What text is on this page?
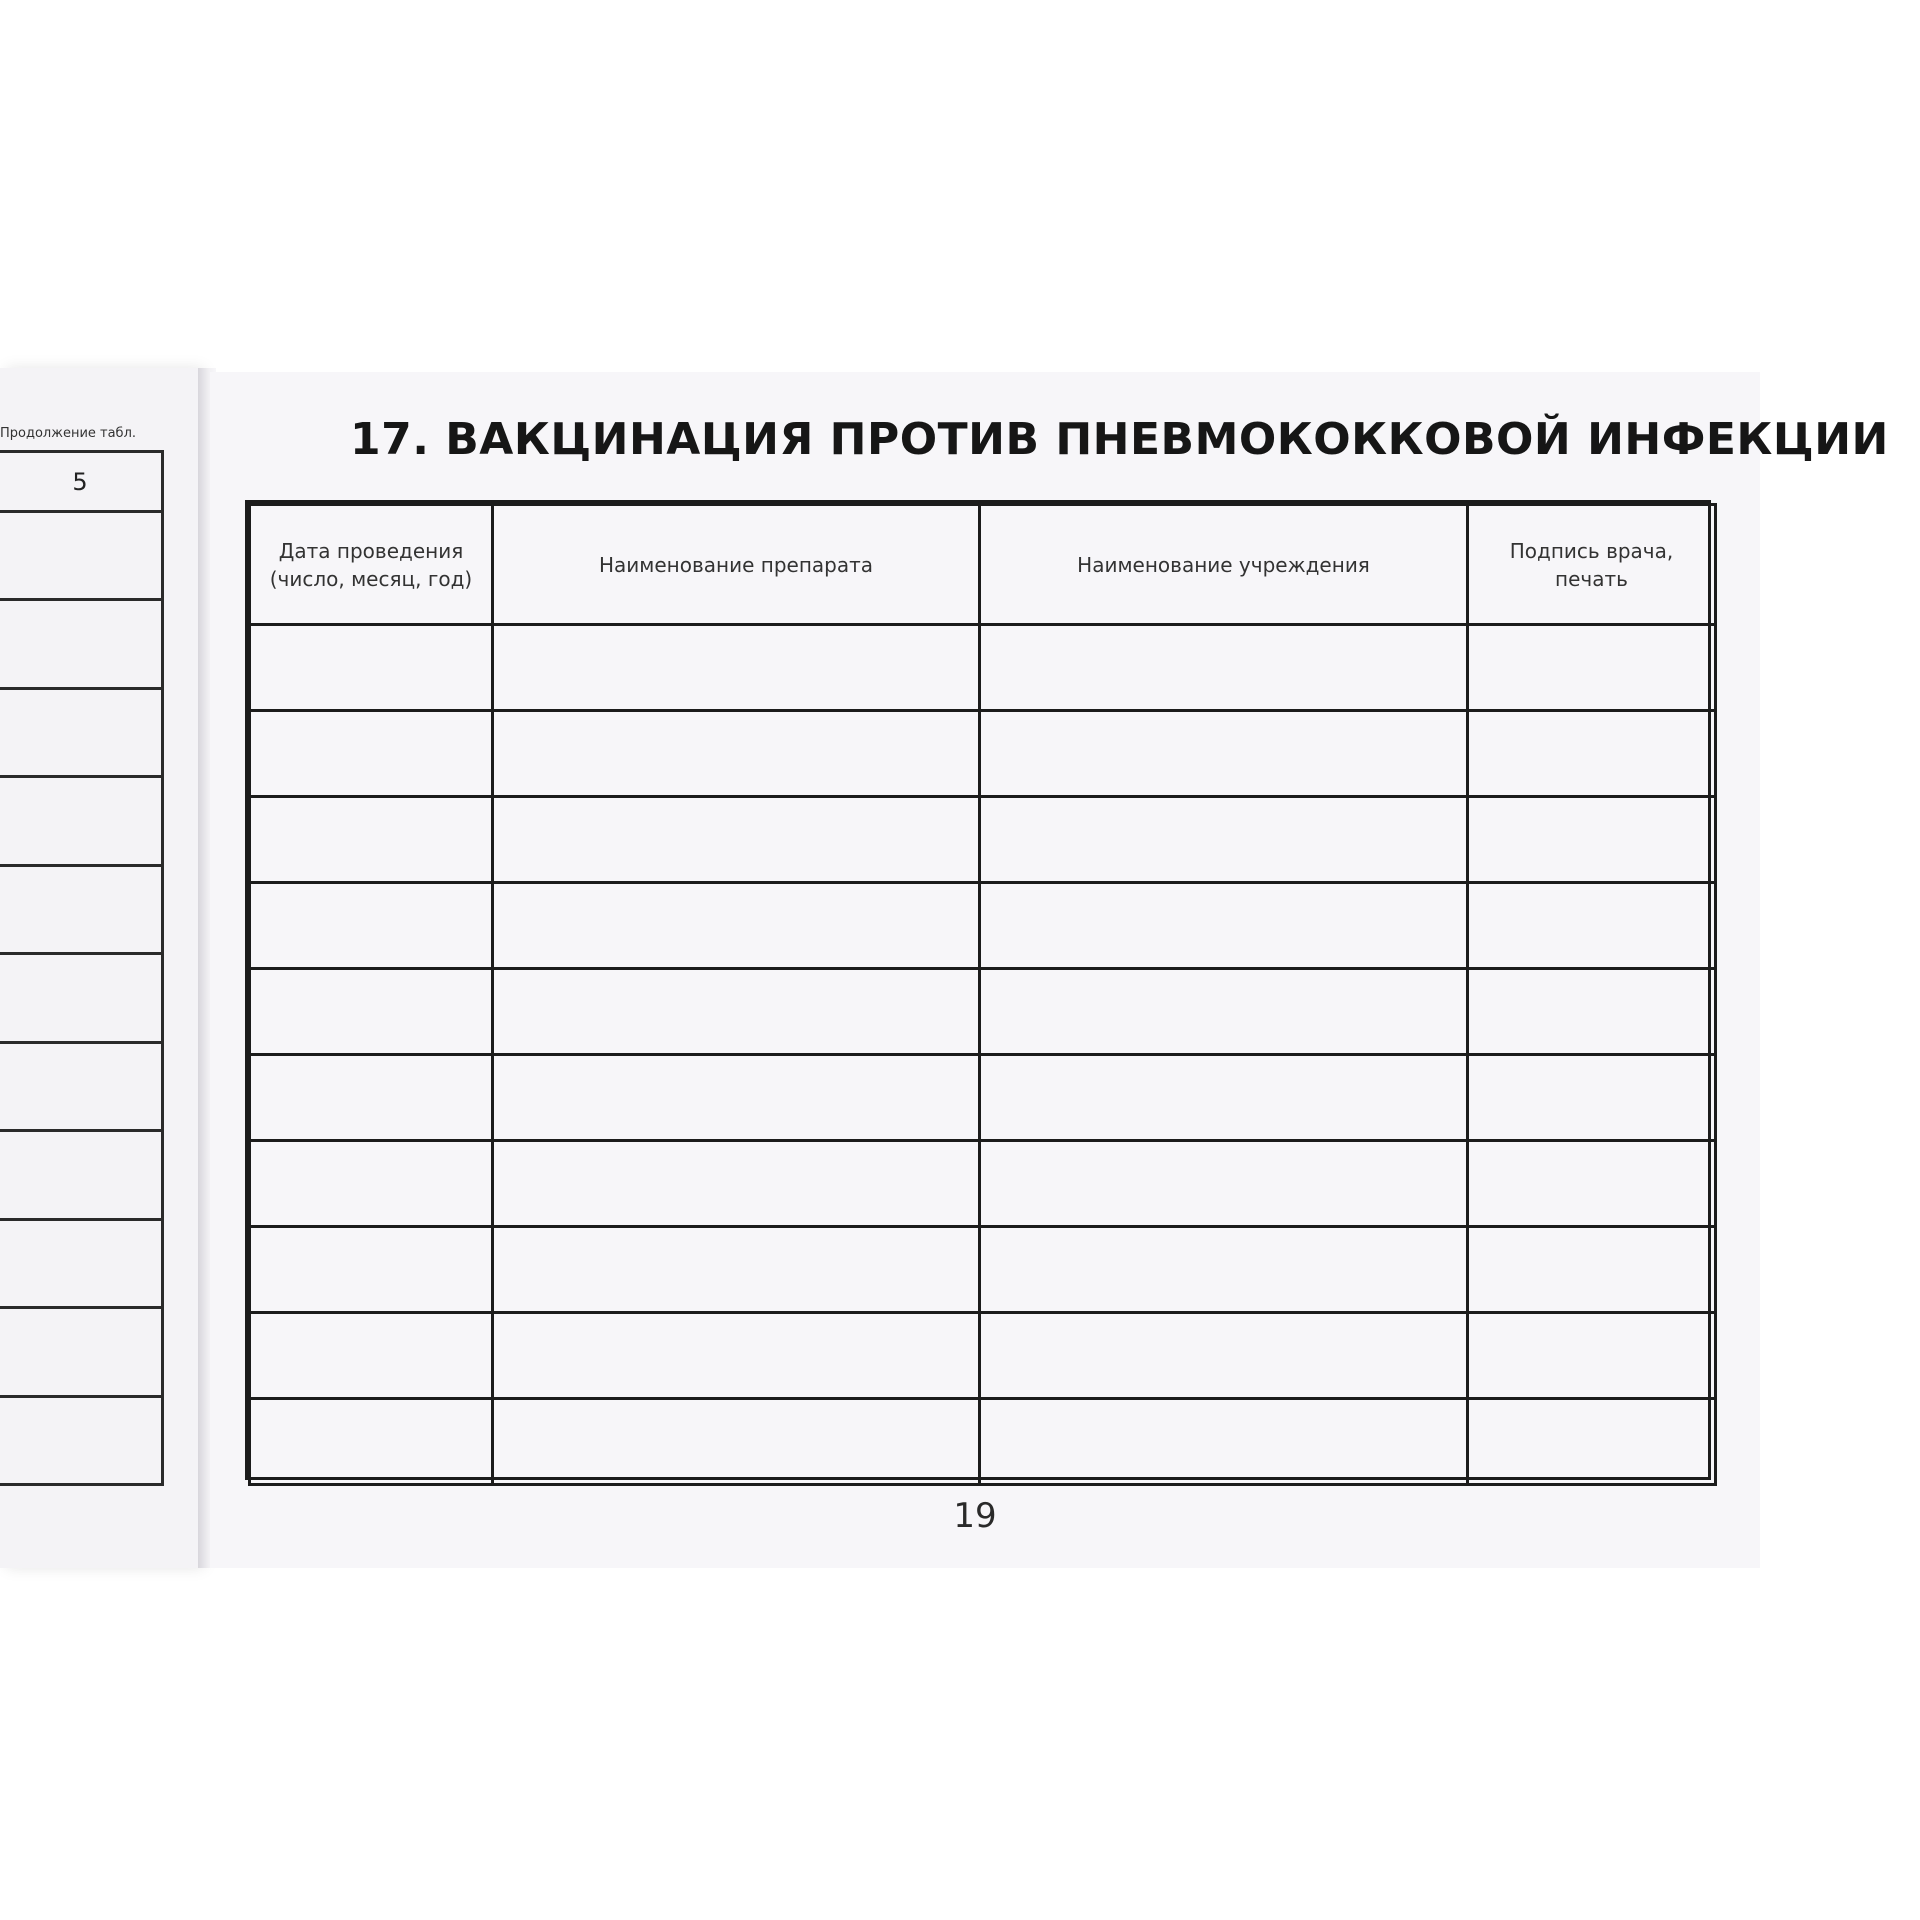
Продолжение табл.
5
17. ВАКЦИНАЦИЯ ПРОТИВ ПНЕВМОКОККОВОЙ ИНФЕКЦИИ
Дата проведения (число, месяц, год)	Наименование препарата	Наименование учреждения	Подпись врача, печать

19
